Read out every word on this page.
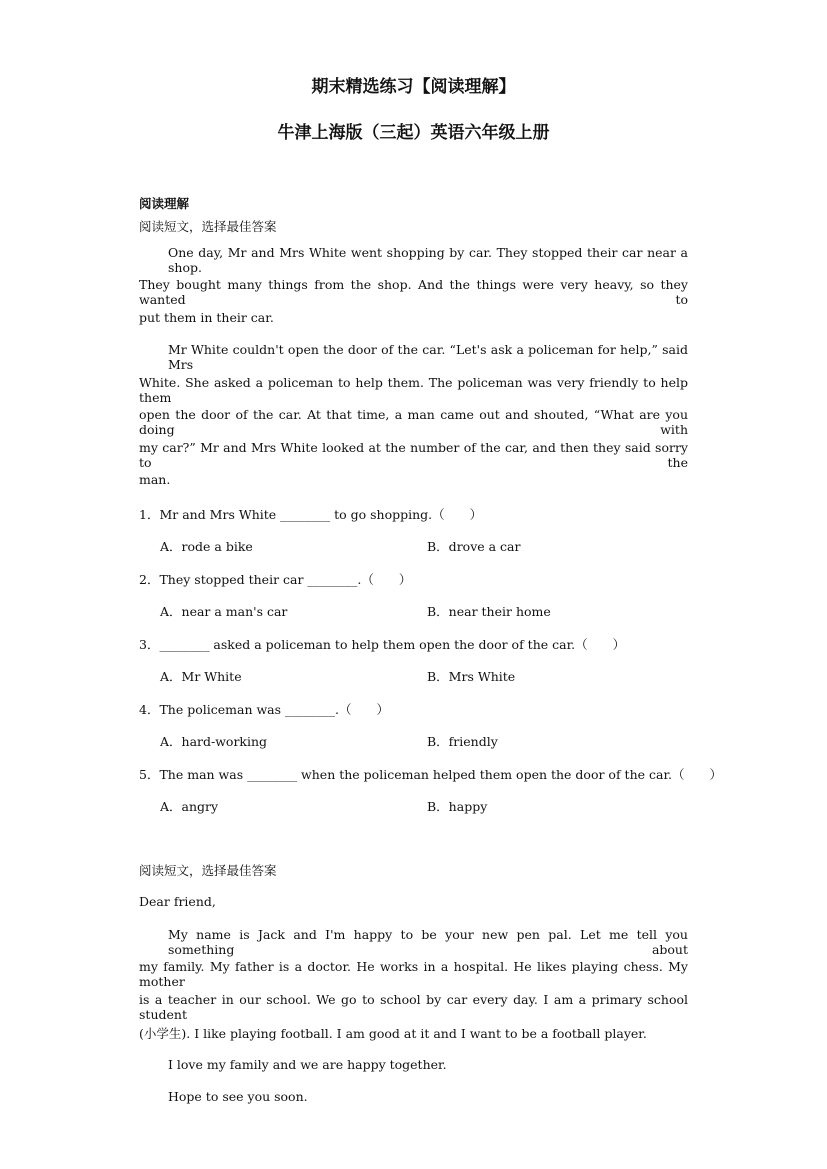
期末精选练习【阅读理解】
牛津上海版（三起）英语六年级上册
阅读理解
阅读短文，选择最佳答案
One day, Mr and Mrs White went shopping by car. They stopped their car near a shop.
They bought many things from the shop. And the things were very heavy, so they wanted to
put them in their car.
Mr White couldn't open the door of the car. “Let's ask a policeman for help,” said Mrs
White. She asked a policeman to help them. The policeman was very friendly to help them
open the door of the car. At that time, a man came out and shouted, “What are you doing with
my car?” Mr and Mrs White looked at the number of the car, and then they said sorry to the
man.
1．Mr and Mrs White ________ to go shopping.（　　）
A．rode a bike	B．drove a car
2．They stopped their car ________.（　　）
A．near a man's car	B．near their home
3．________ asked a policeman to help them open the door of the car.（　　）
A．Mr White	B．Mrs White
4．The policeman was ________.（　　）
A．hard-working	B．friendly
5．The man was ________ when the policeman helped them open the door of the car.（　　）
A．angry	B．happy
阅读短文，选择最佳答案
Dear friend,
My name is Jack and I'm happy to be your new pen pal. Let me tell you something about
my family. My father is a doctor. He works in a hospital. He likes playing chess. My mother
is a teacher in our school. We go to school by car every day. I am a primary school student
(小学生). I like playing football. I am good at it and I want to be a football player.
I love my family and we are happy together.
Hope to see you soon.
